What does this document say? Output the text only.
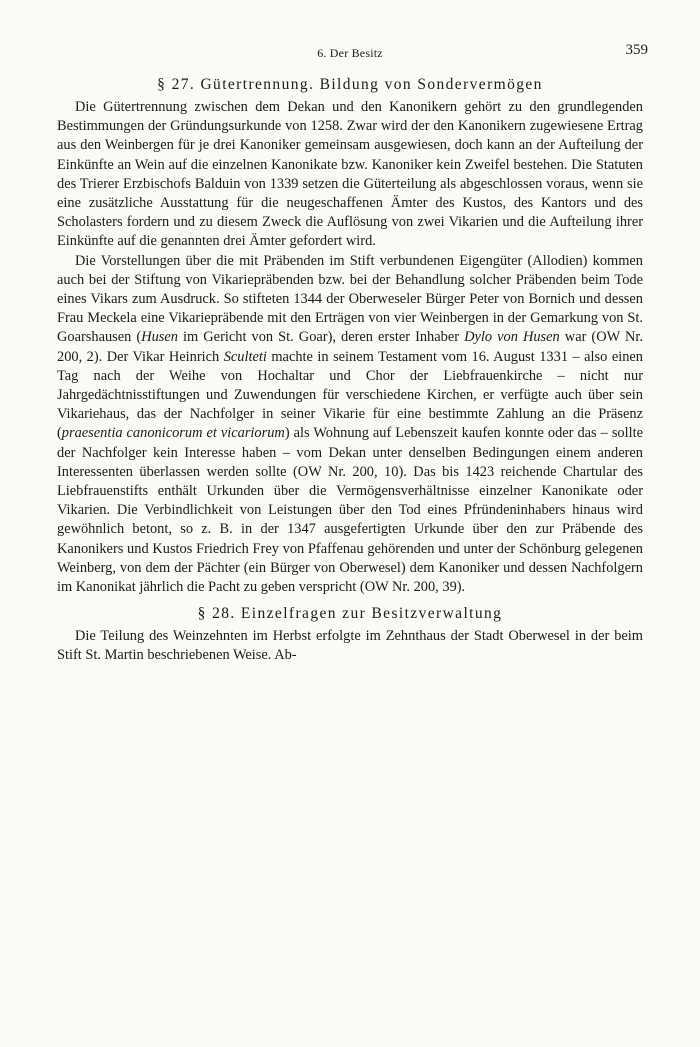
6. Der Besitz	359
§ 27. Gütertrennung. Bildung von Sondervermögen

Die Gütertrennung zwischen dem Dekan und den Kanonikern gehört zu den grundlegenden Bestimmungen der Gründungsurkunde von 1258. Zwar wird der den Kanonikern zugewiesene Ertrag aus den Weinbergen für je drei Kanoniker gemeinsam ausgewiesen, doch kann an der Aufteilung der Einkünfte an Wein auf die einzelnen Kanonikate bzw. Kanoniker kein Zweifel bestehen. Die Statuten des Trierer Erzbischofs Balduin von 1339 setzen die Güterteilung als abgeschlossen voraus, wenn sie eine zusätzliche Ausstattung für die neugeschaffenen Ämter des Kustos, des Kantors und des Scholasters fordern und zu diesem Zweck die Auflösung von zwei Vikarien und die Aufteilung ihrer Einkünfte auf die genannten drei Ämter gefordert wird.

Die Vorstellungen über die mit Präbenden im Stift verbundenen Eigengüter (Allodien) kommen auch bei der Stiftung von Vikariepräbenden bzw. bei der Behandlung solcher Präbenden beim Tode eines Vikars zum Ausdruck. So stifteten 1344 der Oberweseler Bürger Peter von Bornich und dessen Frau Meckela eine Vikariepräbende mit den Erträgen von vier Weinbergen in der Gemarkung von St. Goarshausen (Husen im Gericht von St. Goar), deren erster Inhaber Dylo von Husen war (OW Nr. 200, 2). Der Vikar Heinrich Sculteti machte in seinem Testament vom 16. August 1331 – also einen Tag nach der Weihe von Hochaltar und Chor der Liebfrauenkirche – nicht nur Jahrgedächtnisstiftungen und Zuwendungen für verschiedene Kirchen, er verfügte auch über sein Vikariehaus, das der Nachfolger in seiner Vikarie für eine bestimmte Zahlung an die Präsenz (praesentia canonicorum et vicariorum) als Wohnung auf Lebenszeit kaufen konnte oder das – sollte der Nachfolger kein Interesse haben – vom Dekan unter denselben Bedingungen einem anderen Interessenten überlassen werden sollte (OW Nr. 200, 10). Das bis 1423 reichende Chartular des Liebfrauenstifts enthält Urkunden über die Vermögensverhältnisse einzelner Kanonikate oder Vikarien. Die Verbindlichkeit von Leistungen über den Tod eines Pfründeninhabers hinaus wird gewöhnlich betont, so z. B. in der 1347 ausgefertigten Urkunde über den zur Präbende des Kanonikers und Kustos Friedrich Frey von Pfaffenau gehörenden und unter der Schönburg gelegenen Weinberg, von dem der Pächter (ein Bürger von Oberwesel) dem Kanoniker und dessen Nachfolgern im Kanonikat jährlich die Pacht zu geben verspricht (OW Nr. 200, 39).

§ 28. Einzelfragen zur Besitzverwaltung

Die Teilung des Weinzehnten im Herbst erfolgte im Zehnthaus der Stadt Oberwesel in der beim Stift St. Martin beschriebenen Weise. Ab-
